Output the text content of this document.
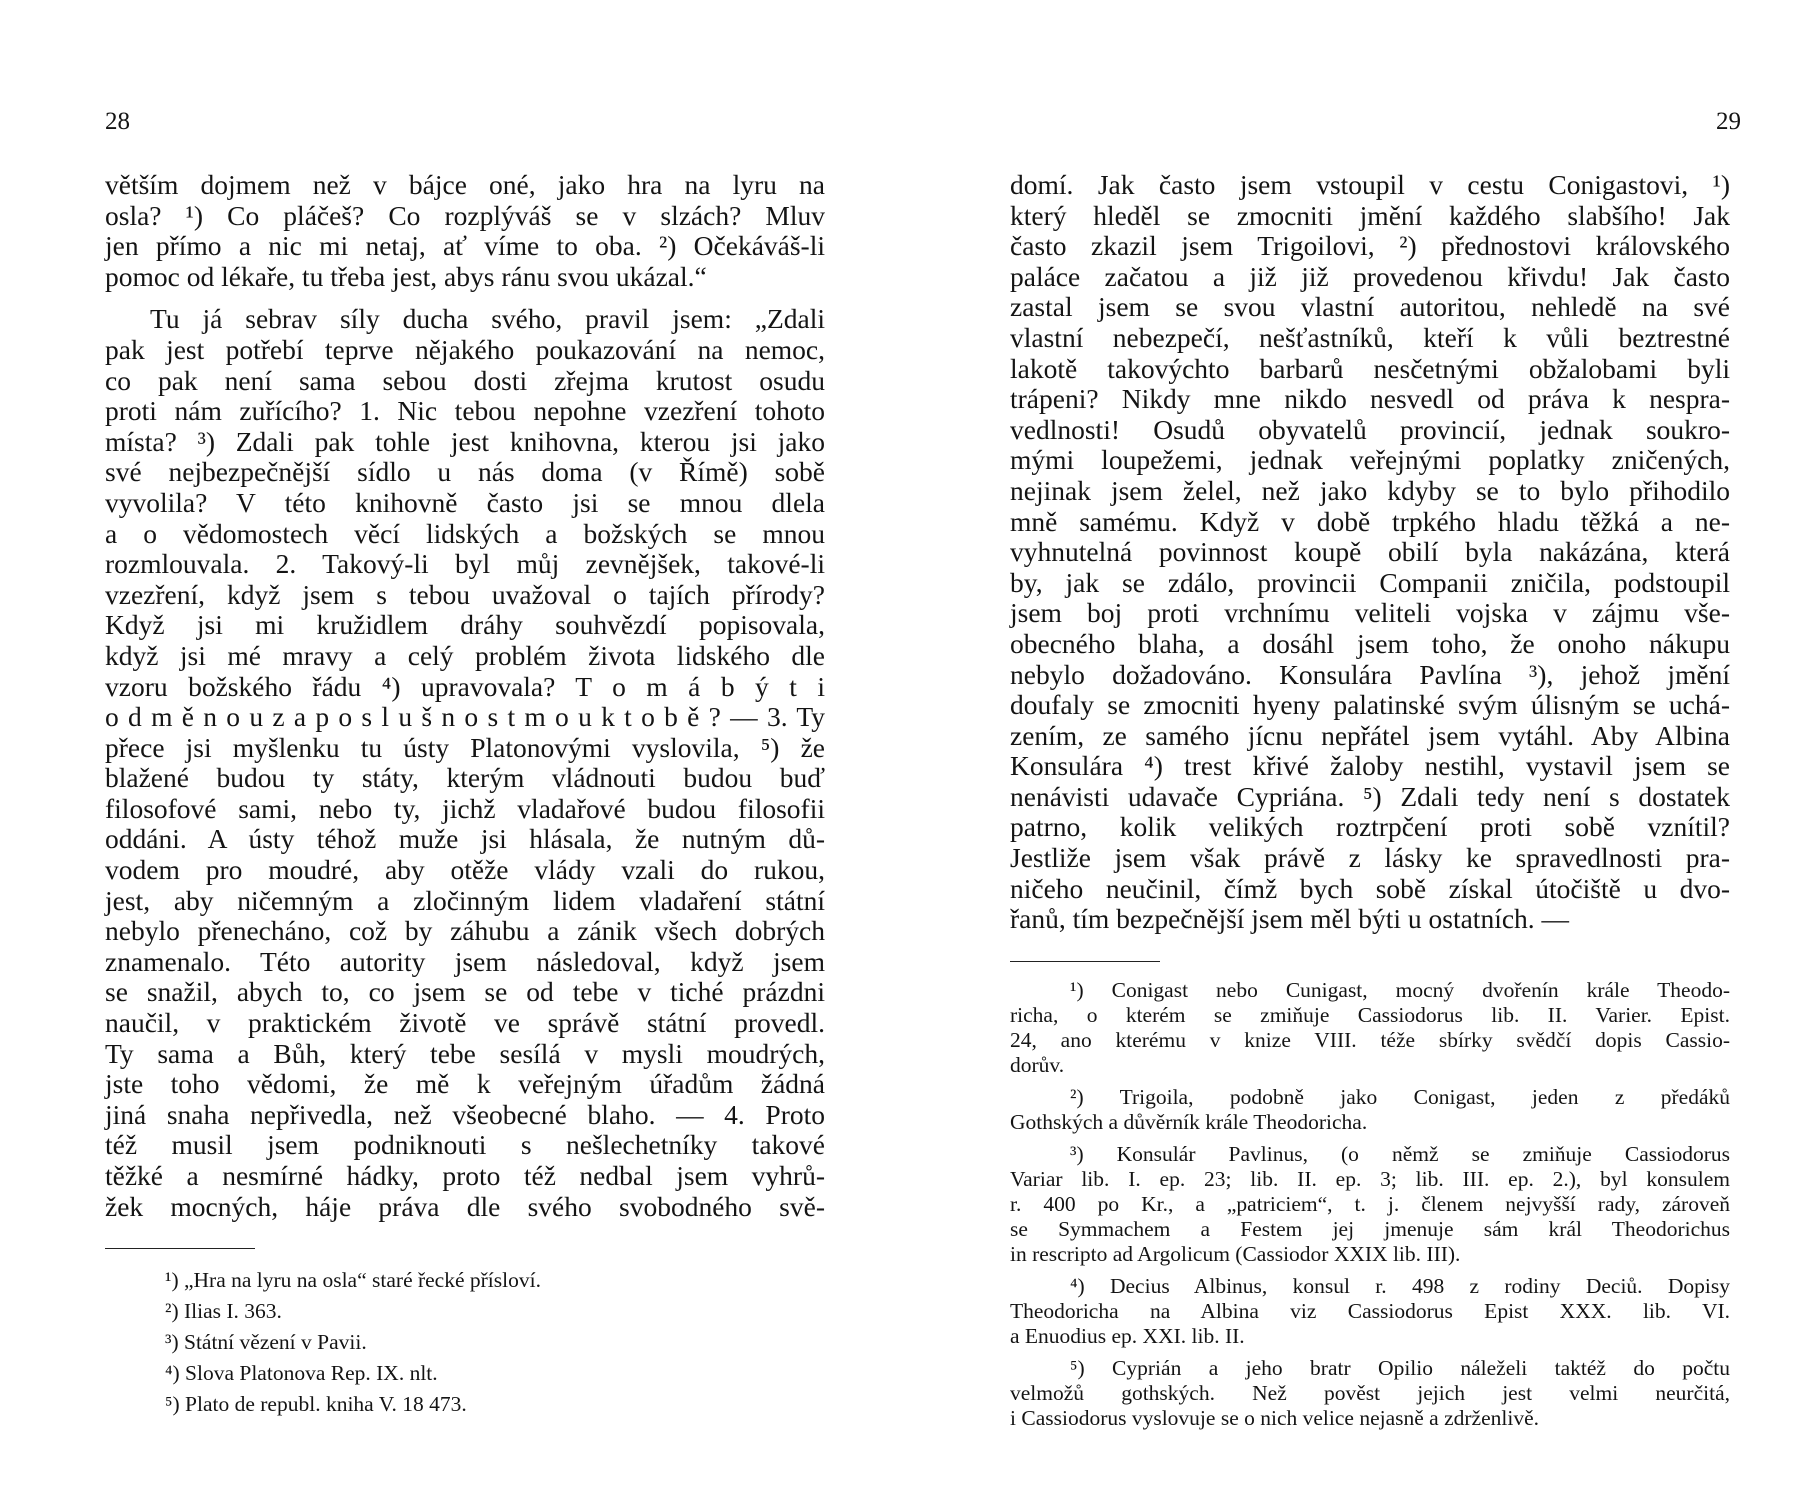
28

větším dojmem než v bájce oné, jako hra na lyru na

osla? ¹) Co pláčeš? Co rozplýváš se v slzách? Mluv

jen přímo a nic mi netaj, ať víme to oba. ²) Očekáváš-li

pomoc od lékaře, tu třeba jest, abys ránu svou ukázal.“

Tu já sebrav síly ducha svého, pravil jsem: „Zdali

pak jest potřebí teprve nějakého poukazování na nemoc,

co pak není sama sebou dosti zřejma krutost osudu

proti nám zuřícího? 1. Nic tebou nepohne vzezření tohoto

místa? ³) Zdali pak tohle jest knihovna, kterou jsi jako

své nejbezpečnější sídlo u nás doma (v Římě) sobě

vyvolila? V této knihovně často jsi se mnou dlela

a o vědomostech věcí lidských a božských se mnou

rozmlouvala. 2. Takový-li byl můj zevnějšek, takové-li

vzezření, když jsem s tebou uvažoval o tajích přírody?

Když jsi mi kružidlem dráhy souhvězdí popisovala,

když jsi mé mravy a celý problém života lidského dle

vzoru božského řádu ⁴) upravovala? T o m á b ý t i

o d m ě n o u z a p o s l u š n o s t m o u k t o b ě ? — 3. Ty

přece jsi myšlenku tu ústy Platonovými vyslovila, ⁵) že

blažené budou ty státy, kterým vládnouti budou buď

filosofové sami, nebo ty, jichž vladařové budou filosofii

oddáni. A ústy téhož muže jsi hlásala, že nutným dů-

vodem pro moudré, aby otěže vlády vzali do rukou,

jest, aby ničemným a zločinným lidem vladaření státní

nebylo přenecháno, což by záhubu a zánik všech dobrých

znamenalo. Této autority jsem následoval, když jsem

se snažil, abych to, co jsem se od tebe v tiché prázdni

naučil, v praktickém životě ve správě státní provedl.

Ty sama a Bůh, který tebe sesílá v mysli moudrých,

jste toho vědomi, že mě k veřejným úřadům žádná

jiná snaha nepřivedla, než všeobecné blaho. — 4. Proto

též musil jsem podniknouti s nešlechetníky takové

těžké a nesmírné hádky, proto též nedbal jsem vyhrů-

žek mocných, háje práva dle svého svobodného svě-

¹) „Hra na lyru na osla“ staré řecké přísloví.

²) Ilias I. 363.

³) Státní vězení v Pavii.

⁴) Slova Platonova Rep. IX. nlt.

⁵) Plato de republ. kniha V. 18 473.

29

domí. Jak často jsem vstoupil v cestu Conigastovi, ¹)

který hleděl se zmocniti jmění každého slabšího! Jak

často zkazil jsem Trigoilovi, ²) přednostovi královského

paláce začatou a již již provedenou křivdu! Jak často

zastal jsem se svou vlastní autoritou, nehledě na své

vlastní nebezpečí, nešťastníků, kteří k vůli beztrestné

lakotě takovýchto barbarů nesčetnými obžalobami byli

trápeni? Nikdy mne nikdo nesvedl od práva k nespra-

vedlnosti! Osudů obyvatelů provincií, jednak soukro-

mými loupežemi, jednak veřejnými poplatky zničených,

nejinak jsem želel, než jako kdyby se to bylo přihodilo

mně samému. Když v době trpkého hladu těžká a ne-

vyhnutelná povinnost koupě obilí byla nakázána, která

by, jak se zdálo, provincii Companii zničila, podstoupil

jsem boj proti vrchnímu veliteli vojska v zájmu vše-

obecného blaha, a dosáhl jsem toho, že onoho nákupu

nebylo dožadováno. Konsulára Pavlína ³), jehož jmění

doufaly se zmocniti hyeny palatinské svým úlisným se uchá-

zením, ze samého jícnu nepřátel jsem vytáhl. Aby Albina

Konsulára ⁴) trest křivé žaloby nestihl, vystavil jsem se

nenávisti udavače Cypriána. ⁵) Zdali tedy není s dostatek

patrno, kolik velikých roztrpčení proti sobě vznítil?

Jestliže jsem však právě z lásky ke spravedlnosti pra-

ničeho neučinil, čímž bych sobě získal útočiště u dvo-

řanů, tím bezpečnější jsem měl býti u ostatních. —

¹) Conigast nebo Cunigast, mocný dvořenín krále Theodo-

richa, o kterém se zmiňuje Cassiodorus lib. II. Varier. Epist.

24, ano kterému v knize VIII. téže sbírky svědčí dopis Cassio-

dorův.

²) Trigoila, podobně jako Conigast, jeden z předáků

Gothských a důvěrník krále Theodoricha.

³) Konsulár Pavlinus, (o němž se zmiňuje Cassiodorus

Variar lib. I. ep. 23; lib. II. ep. 3; lib. III. ep. 2.), byl konsulem

r. 400 po Kr., a „patriciem“, t. j. členem nejvyšší rady, zároveň

se Symmachem a Festem jej jmenuje sám král Theodorichus

in rescripto ad Argolicum (Cassiodor XXIX lib. III).

⁴) Decius Albinus, konsul r. 498 z rodiny Deciů. Dopisy

Theodoricha na Albina viz Cassiodorus Epist XXX. lib. VI.

a Enuodius ep. XXI. lib. II.

⁵) Cyprián a jeho bratr Opilio náleželi taktéž do počtu

velmožů gothských. Než pověst jejich jest velmi neurčitá,

i Cassiodorus vyslovuje se o nich velice nejasně a zdrženlivě.
